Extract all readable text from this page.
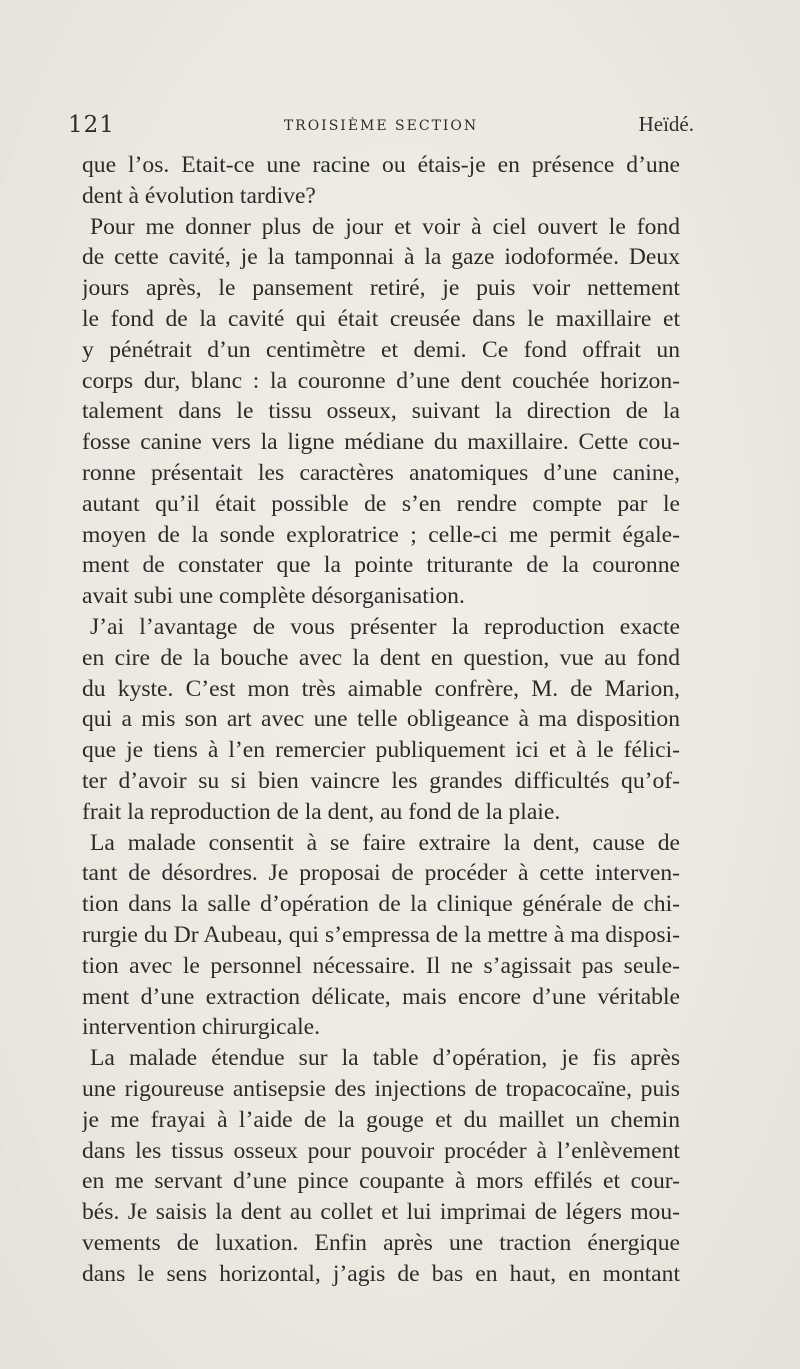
121	TROISIÈME SECTION	Heïdé.
que l’os. Etait-ce une racine ou étais-je en présence d’une
dent à évolution tardive?
Pour me donner plus de jour et voir à ciel ouvert le fond
de cette cavité, je la tamponnai à la gaze iodoformée. Deux
jours après, le pansement retiré, je puis voir nettement
le fond de la cavité qui était creusée dans le maxillaire et
y pénétrait d’un centimètre et demi. Ce fond offrait un
corps dur, blanc : la couronne d’une dent couchée horizon-
talement dans le tissu osseux, suivant la direction de la
fosse canine vers la ligne médiane du maxillaire. Cette cou-
ronne présentait les caractères anatomiques d’une canine,
autant qu’il était possible de s’en rendre compte par le
moyen de la sonde exploratrice ; celle-ci me permit égale-
ment de constater que la pointe triturante de la couronne
avait subi une complète désorganisation.
J’ai l’avantage de vous présenter la reproduction exacte
en cire de la bouche avec la dent en question, vue au fond
du kyste. C’est mon très aimable confrère, M. de Marion,
qui a mis son art avec une telle obligeance à ma disposition
que je tiens à l’en remercier publiquement ici et à le félici-
ter d’avoir su si bien vaincre les grandes difficultés qu’of-
frait la reproduction de la dent, au fond de la plaie.
La malade consentit à se faire extraire la dent, cause de
tant de désordres. Je proposai de procéder à cette interven-
tion dans la salle d’opération de la clinique générale de chi-
rurgie du Dr Aubeau, qui s’empressa de la mettre à ma disposi-
tion avec le personnel nécessaire. Il ne s’agissait pas seule-
ment d’une extraction délicate, mais encore d’une véritable
intervention chirurgicale.
La malade étendue sur la table d’opération, je fis après
une rigoureuse antisepsie des injections de tropacocaïne, puis
je me frayai à l’aide de la gouge et du maillet un chemin
dans les tissus osseux pour pouvoir procéder à l’enlèvement
en me servant d’une pince coupante à mors effilés et cour-
bés. Je saisis la dent au collet et lui imprimai de légers mou-
vements de luxation. Enfin après une traction énergique
dans le sens horizontal, j’agis de bas en haut, en montant
